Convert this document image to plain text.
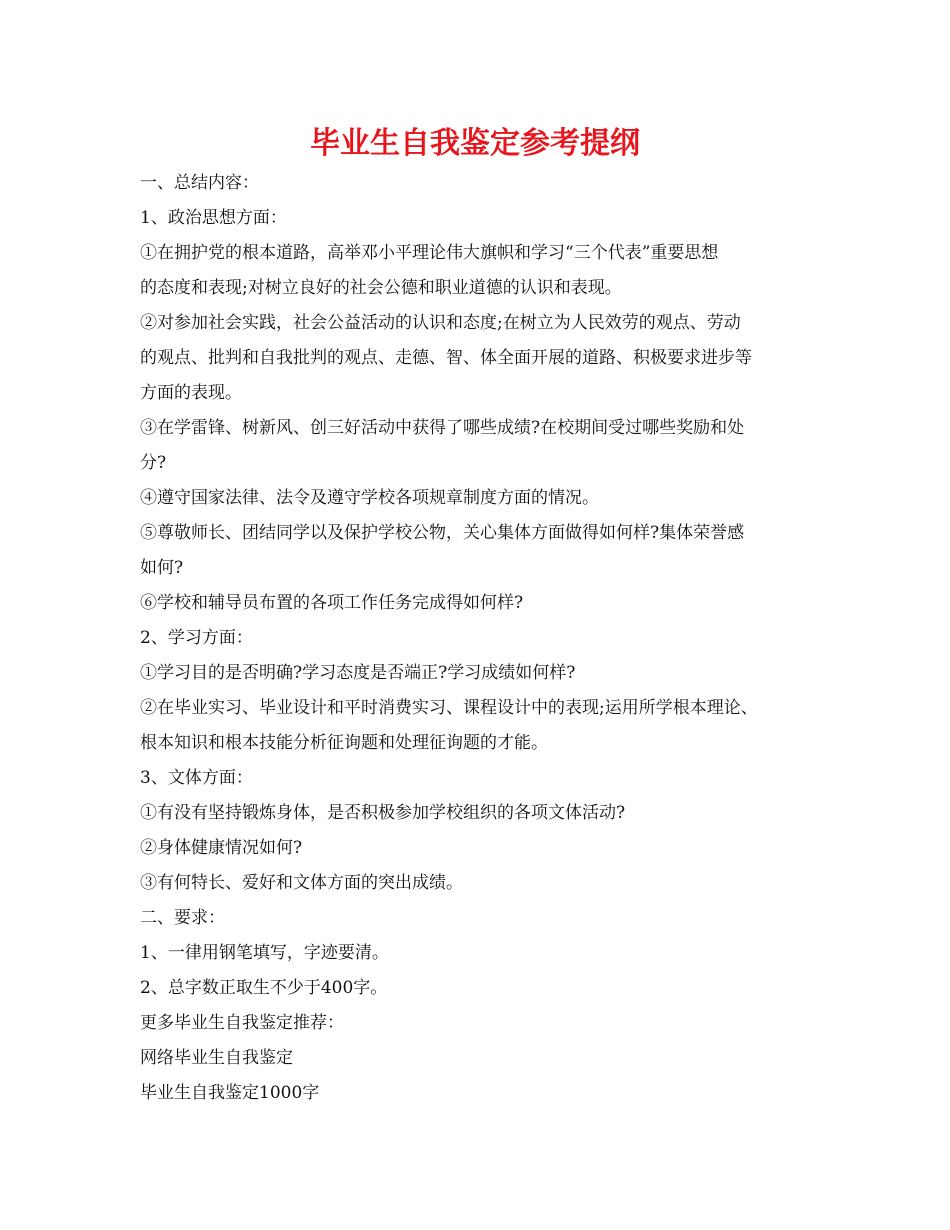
毕业生自我鉴定参考提纲
一、总结内容：
1、政治思想方面：
①在拥护党的根本道路，高举邓小平理论伟大旗帜和学习“三个代表”重要思想
的态度和表现;对树立良好的社会公德和职业道德的认识和表现。
②对参加社会实践，社会公益活动的认识和态度;在树立为人民效劳的观点、劳动
的观点、批判和自我批判的观点、走德、智、体全面开展的道路、积极要求进步等
方面的表现。
③在学雷锋、树新风、创三好活动中获得了哪些成绩?在校期间受过哪些奖励和处
分?
④遵守国家法律、法令及遵守学校各项规章制度方面的情况。
⑤尊敬师长、团结同学以及保护学校公物，关心集体方面做得如何样?集体荣誉感
如何?
⑥学校和辅导员布置的各项工作任务完成得如何样?
2、学习方面：
①学习目的是否明确?学习态度是否端正?学习成绩如何样?
②在毕业实习、毕业设计和平时消费实习、课程设计中的表现;运用所学根本理论、
根本知识和根本技能分析征询题和处理征询题的才能。
3、文体方面：
①有没有坚持锻炼身体，是否积极参加学校组织的各项文体活动?
②身体健康情况如何?
③有何特长、爱好和文体方面的突出成绩。
二、要求：
1、一律用钢笔填写，字迹要清。
2、总字数正取生不少于400字。
更多毕业生自我鉴定推荐：
网络毕业生自我鉴定
毕业生自我鉴定1000字
